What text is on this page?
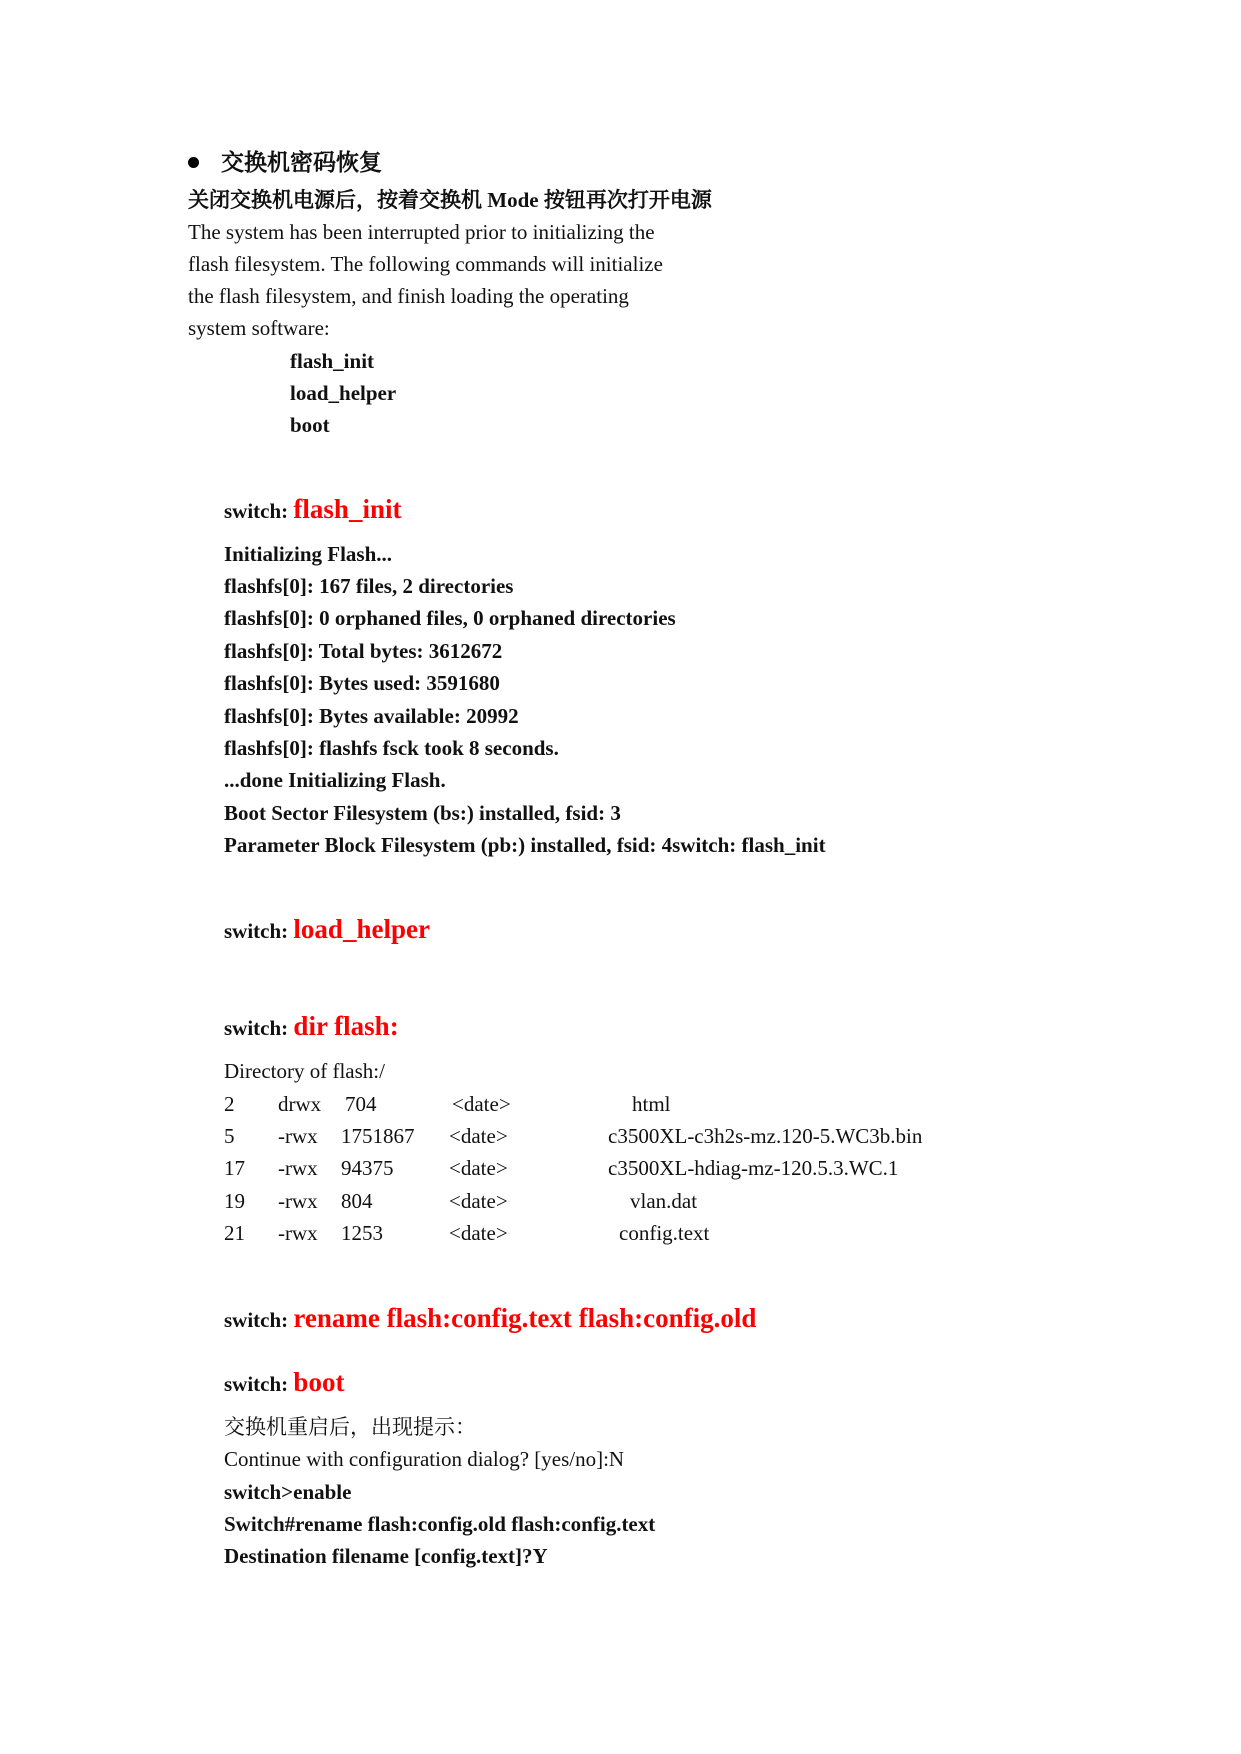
交换机密码恢复
关闭交换机电源后，按着交换机 Mode 按钮再次打开电源
The system has been interrupted prior to initializing the
flash filesystem. The following commands will initialize
the flash filesystem, and finish loading the operating
system software:
flash_init
load_helper
boot
switch: flash_init
Initializing Flash...
flashfs[0]: 167 files, 2 directories
flashfs[0]: 0 orphaned files, 0 orphaned directories
flashfs[0]: Total bytes: 3612672
flashfs[0]: Bytes used: 3591680
flashfs[0]: Bytes available: 20992
flashfs[0]: flashfs fsck took 8 seconds.
...done Initializing Flash.
Boot Sector Filesystem (bs:) installed, fsid: 3
Parameter Block Filesystem (pb:) installed, fsid: 4switch: flash_init
switch: load_helper
switch: dir flash:
Directory of flash:/
2 drwx 704	<date>	html
5 -rwx 1751867 <date>	c3500XL-c3h2s-mz.120-5.WC3b.bin
17 -rwx 94375	<date>	c3500XL-hdiag-mz-120.5.3.WC.1
19 -rwx 804	<date>	vlan.dat
21 -rwx 1253	<date>	config.text
switch: rename flash:config.text flash:config.old
switch: boot
交换机重启后，出现提示：
Continue with configuration dialog? [yes/no]:N
switch>enable
Switch#rename flash:config.old flash:config.text
Destination filename [config.text]?Y
